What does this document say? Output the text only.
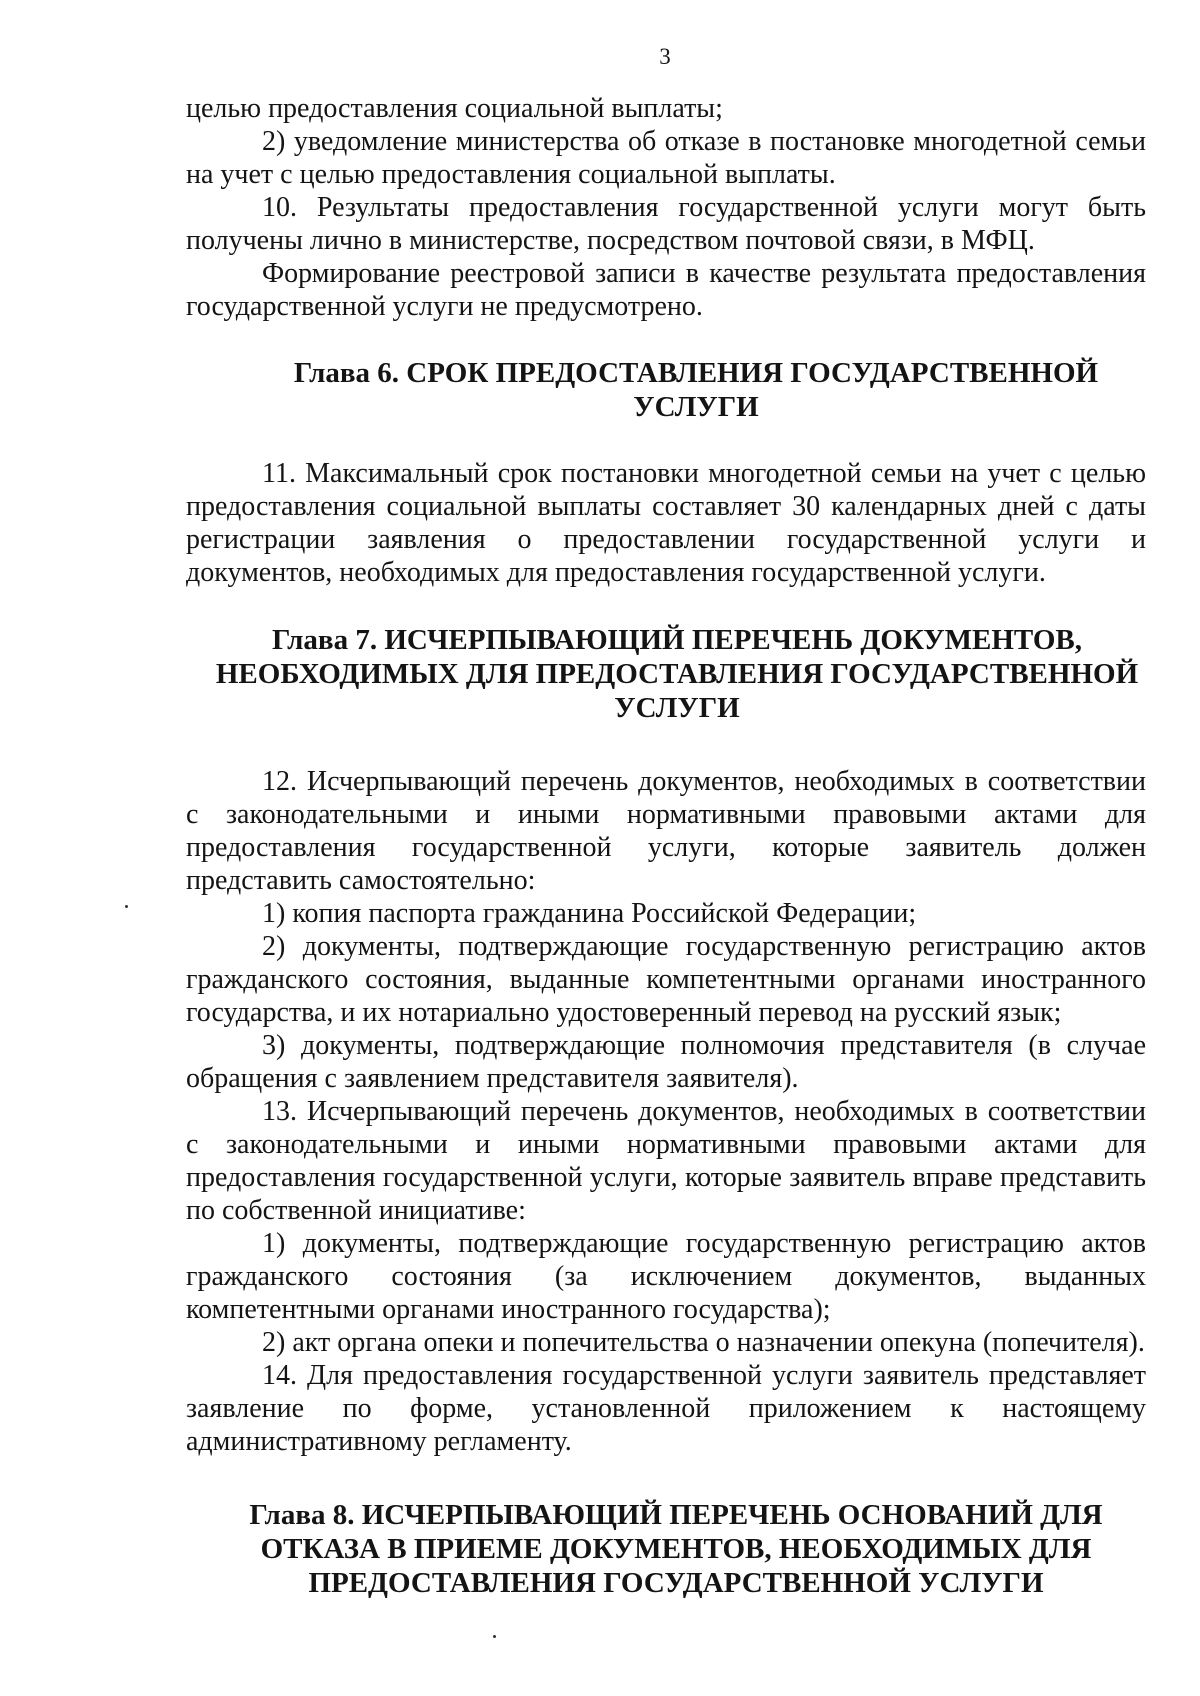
3

целью предоставления социальной выплаты;

2) уведомление министерства об отказе в постановке многодетной семьи на учет с целью предоставления социальной выплаты.

10. Результаты предоставления государственной услуги могут быть получены лично в министерстве, посредством почтовой связи, в МФЦ.

Формирование реестровой записи в качестве результата предоставления государственной услуги не предусмотрено.

Глава 6. СРОК ПРЕДОСТАВЛЕНИЯ ГОСУДАРСТВЕННОЙ УСЛУГИ

11. Максимальный срок постановки многодетной семьи на учет с целью предоставления социальной выплаты составляет 30 календарных дней с даты регистрации заявления о предоставлении государственной услуги и документов, необходимых для предоставления государственной услуги.

Глава 7. ИСЧЕРПЫВАЮЩИЙ ПЕРЕЧЕНЬ ДОКУМЕНТОВ,
НЕОБХОДИМЫХ ДЛЯ ПРЕДОСТАВЛЕНИЯ ГОСУДАРСТВЕННОЙ
УСЛУГИ

12. Исчерпывающий перечень документов, необходимых в соответствии с законодательными и иными нормативными правовыми актами для предоставления государственной услуги, которые заявитель должен представить самостоятельно:

1) копия паспорта гражданина Российской Федерации;

2) документы, подтверждающие государственную регистрацию актов гражданского состояния, выданные компетентными органами иностранного государства, и их нотариально удостоверенный перевод на русский язык;

3) документы, подтверждающие полномочия представителя (в случае обращения с заявлением представителя заявителя).

13. Исчерпывающий перечень документов, необходимых в соответствии с законодательными и иными нормативными правовыми актами для предоставления государственной услуги, которые заявитель вправе представить по собственной инициативе:

1) документы, подтверждающие государственную регистрацию актов гражданского состояния (за исключением документов, выданных компетентными органами иностранного государства);

2) акт органа опеки и попечительства о назначении опекуна (попечителя).

14. Для предоставления государственной услуги заявитель представляет заявление по форме, установленной приложением к настоящему административному регламенту.

Глава 8. ИСЧЕРПЫВАЮЩИЙ ПЕРЕЧЕНЬ ОСНОВАНИЙ ДЛЯ
ОТКАЗА В ПРИЕМЕ ДОКУМЕНТОВ, НЕОБХОДИМЫХ ДЛЯ
ПРЕДОСТАВЛЕНИЯ ГОСУДАРСТВЕННОЙ УСЛУГИ
